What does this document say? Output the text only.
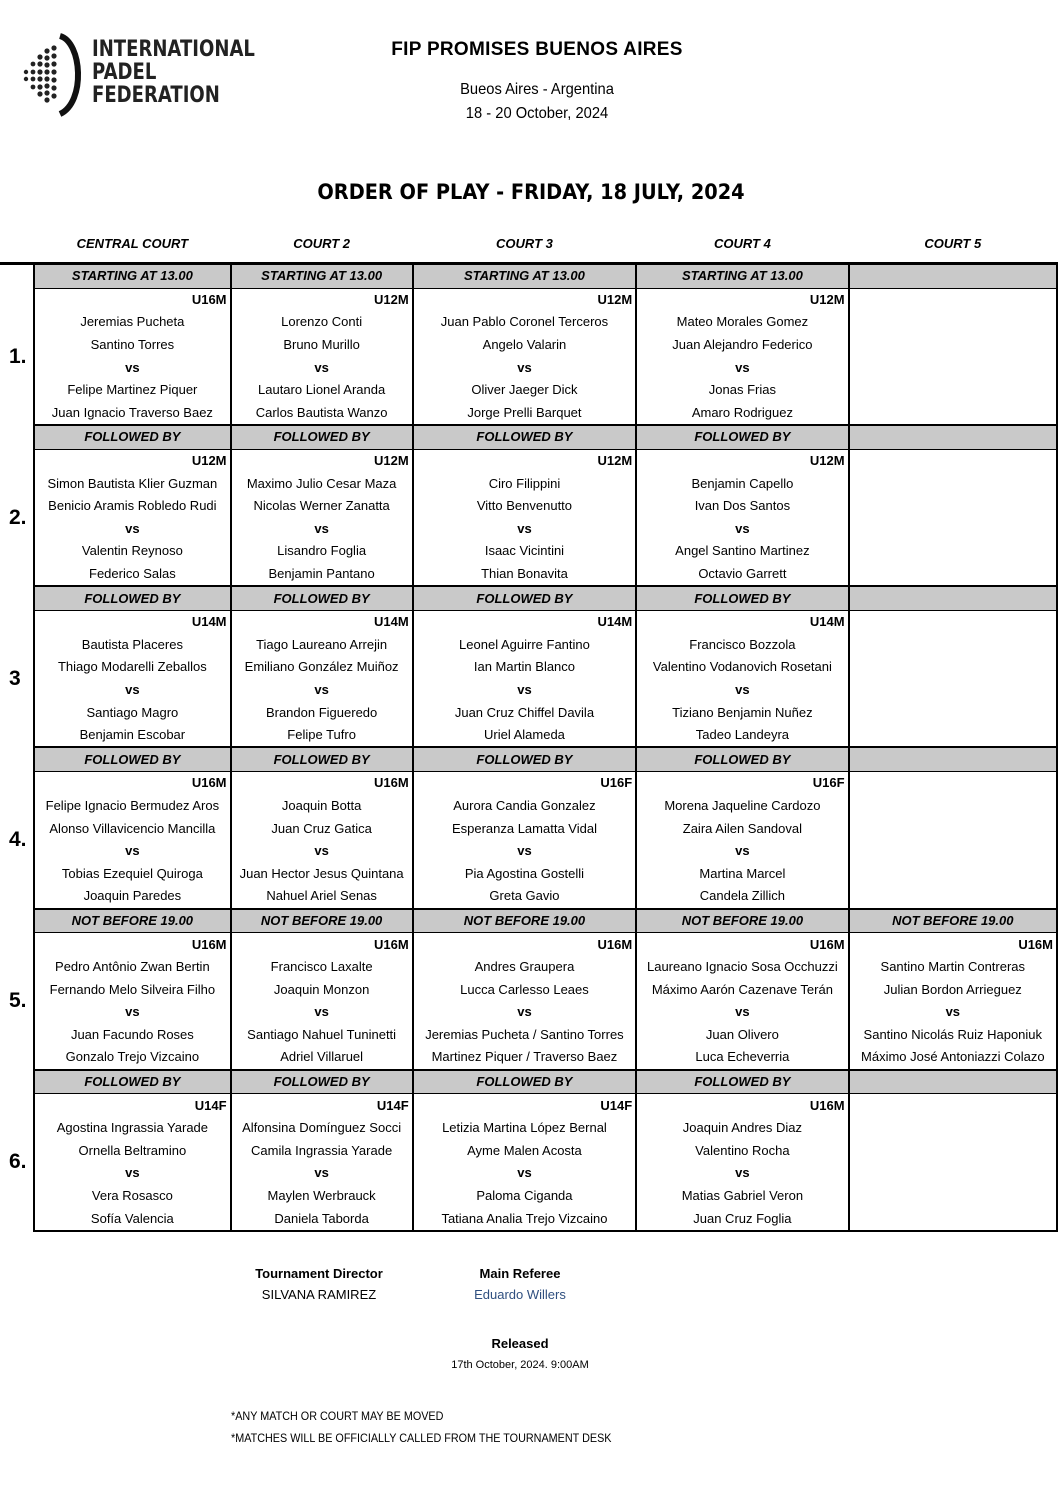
INTERNATIONAL
PADEL
FEDERATION
FIP PROMISES BUENOS AIRES
Bueos Aires - Argentina
18 - 20 October, 2024
ORDER OF PLAY - FRIDAY, 18 JULY, 2024
	CENTRAL COURT	COURT 2	COURT 3	COURT 4	COURT 5

	STARTING AT 13.00	STARTING AT 13.00	STARTING AT 13.00	STARTING AT 13.00	
1.	U16M	U12M	U12M	U12M	
	Jeremias Pucheta	Lorenzo Conti	Juan Pablo Coronel Terceros	Mateo Morales Gomez	
	Santino Torres	Bruno Murillo	Angelo Valarin	Juan Alejandro Federico	
	vs	vs	vs	vs	
	Felipe Martinez Piquer	Lautaro Lionel Aranda	Oliver Jaeger Dick	Jonas Frias	
	Juan Ignacio Traverso Baez	Carlos Bautista Wanzo	Jorge Prelli Barquet	Amaro Rodriguez	
	FOLLOWED BY	FOLLOWED BY	FOLLOWED BY	FOLLOWED BY	
2.	U12M	U12M	U12M	U12M	
	Simon Bautista Klier Guzman	Maximo Julio Cesar Maza	Ciro Filippini	Benjamin Capello	
	Benicio Aramis Robledo Rudi	Nicolas Werner Zanatta	Vitto Benvenutto	Ivan Dos Santos	
	vs	vs	vs	vs	
	Valentin Reynoso	Lisandro Foglia	Isaac Vicintini	Angel Santino Martinez	
	Federico Salas	Benjamin Pantano	Thian Bonavita	Octavio Garrett	
	FOLLOWED BY	FOLLOWED BY	FOLLOWED BY	FOLLOWED BY	
3	U14M	U14M	U14M	U14M	
	Bautista Placeres	Tiago Laureano Arrejin	Leonel Aguirre Fantino	Francisco Bozzola	
	Thiago Modarelli Zeballos	Emiliano González Muiñoz	Ian Martin Blanco	Valentino Vodanovich Rosetani	
	vs	vs	vs	vs	
	Santiago Magro	Brandon Figueredo	Juan Cruz Chiffel Davila	Tiziano Benjamin Nuñez	
	Benjamin Escobar	Felipe Tufro	Uriel Alameda	Tadeo Landeyra	
	FOLLOWED BY	FOLLOWED BY	FOLLOWED BY	FOLLOWED BY	
4.	U16M	U16M	U16F	U16F	
	Felipe Ignacio Bermudez Aros	Joaquin Botta	Aurora Candia Gonzalez	Morena Jaqueline Cardozo	
	Alonso Villavicencio Mancilla	Juan Cruz Gatica	Esperanza Lamatta Vidal	Zaira Ailen Sandoval	
	vs	vs	vs	vs	
	Tobias Ezequiel Quiroga	Juan Hector Jesus Quintana	Pia Agostina Gostelli	Martina Marcel	
	Joaquin Paredes	Nahuel Ariel Senas	Greta Gavio	Candela Zillich	
	NOT BEFORE 19.00	NOT BEFORE 19.00	NOT BEFORE 19.00	NOT BEFORE 19.00	NOT BEFORE 19.00
5.	U16M	U16M	U16M	U16M	U16M
	Pedro Antônio Zwan Bertin	Francisco Laxalte	Andres Graupera	Laureano Ignacio Sosa Occhuzzi	Santino Martin Contreras
	Fernando Melo Silveira Filho	Joaquin Monzon	Lucca Carlesso Leaes	Máximo Aarón Cazenave Terán	Julian Bordon Arrieguez
	vs	vs	vs	vs	vs
	Juan Facundo Roses	Santiago Nahuel Tuninetti	Jeremias Pucheta / Santino Torres	Juan Olivero	Santino Nicolás Ruiz Haponiuk
	Gonzalo Trejo Vizcaino	Adriel Villaruel	Martinez Piquer / Traverso Baez	Luca Echeverria	Máximo José Antoniazzi Colazo
	FOLLOWED BY	FOLLOWED BY	FOLLOWED BY	FOLLOWED BY	
6.	U14F	U14F	U14F	U16M	
	Agostina Ingrassia Yarade	Alfonsina Domínguez Socci	Letizia Martina López Bernal	Joaquin Andres Diaz	
	Ornella Beltramino	Camila Ingrassia Yarade	Ayme Malen Acosta	Valentino Rocha	
	vs	vs	vs	vs	
	Vera Rosasco	Maylen Werbrauck	Paloma Ciganda	Matias Gabriel Veron	
	Sofía Valencia	Daniela Taborda	Tatiana Analia Trejo Vizcaino	Juan Cruz Foglia	
Tournament Director
SILVANA RAMIREZ
Main Referee
Eduardo Willers
Released
17th October, 2024. 9:00AM
*ANY MATCH OR COURT MAY BE MOVED
*MATCHES WILL BE OFFICIALLY CALLED FROM THE TOURNAMENT DESK
